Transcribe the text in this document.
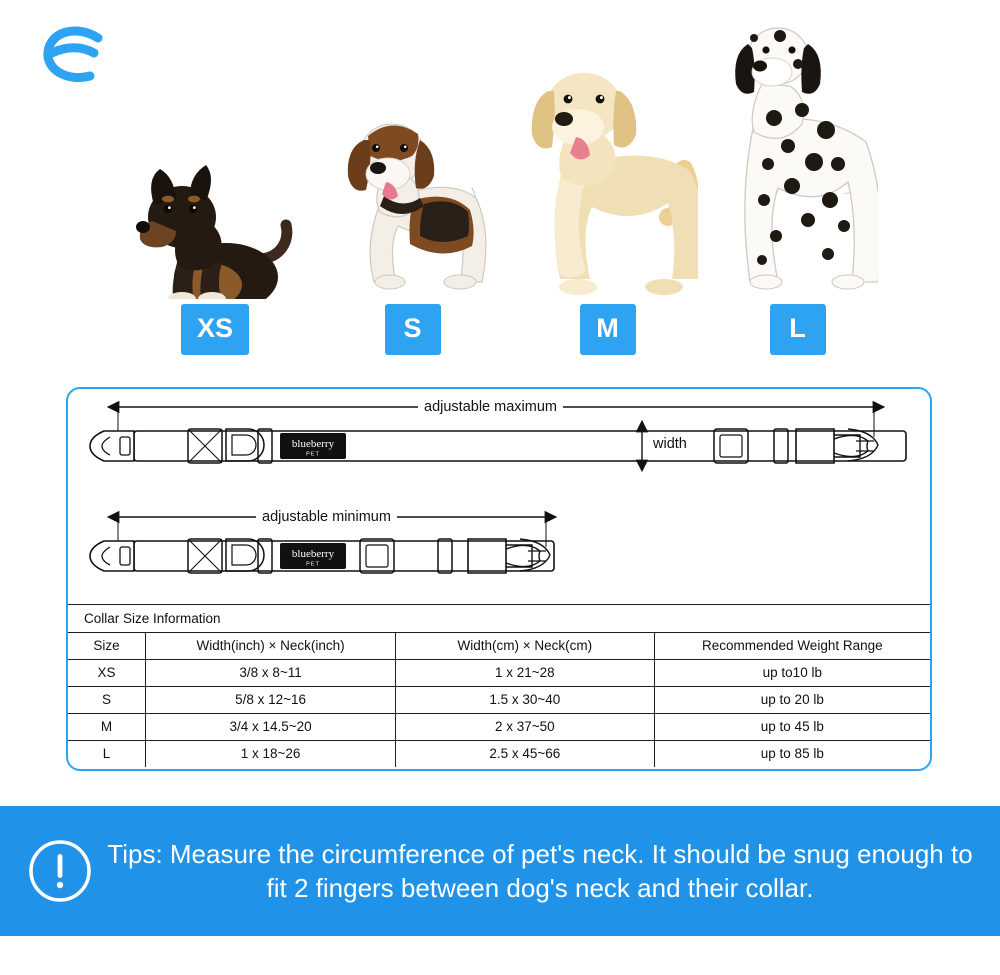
XS	S	M	L
blueberry
PET
blueberry
PET
adjustable maximum
adjustable minimum
width
Collar Size Information
Size	Width(inch) × Neck(inch)	Width(cm) × Neck(cm)	Recommended Weight Range
XS	3/8 x 8~11	1 x 21~28	up to10 lb
S	5/8 x 12~16	1.5 x 30~40	up to 20 lb
M	3/4 x 14.5~20	2 x 37~50	up to 45 lb
L	1 x 18~26	2.5 x 45~66	up to 85 lb
Tips: Measure the circumference of pet's neck. It should be snug enough to fit 2 fingers between dog's neck and their collar.
